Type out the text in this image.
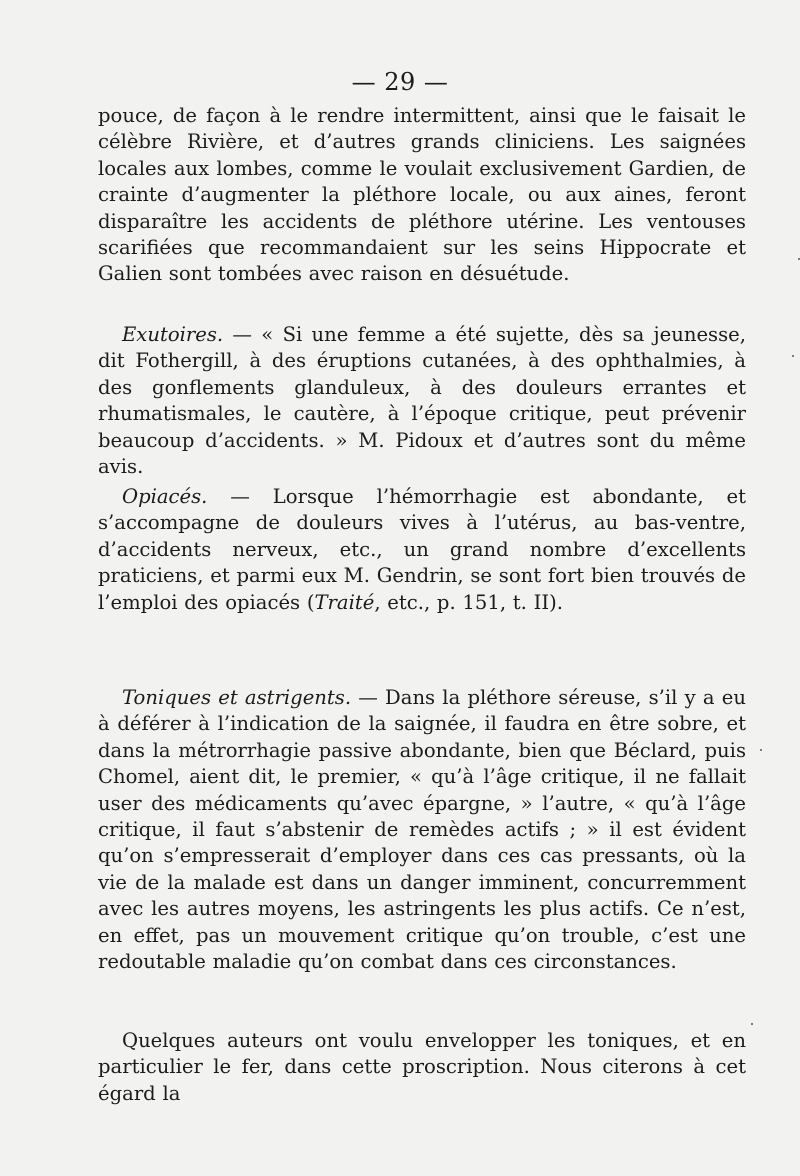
— 29 —

pouce, de façon à le rendre intermittent, ainsi que le faisait le célèbre Rivière, et d’autres grands cliniciens. Les saignées locales aux lombes, comme le voulait exclusivement Gardien, de crainte d’augmenter la pléthore locale, ou aux aines, feront disparaître les accidents de pléthore utérine. Les ventouses scarifiées que recommandaient sur les seins Hippocrate et Galien sont tombées avec raison en désuétude.

Exutoires. — « Si une femme a été sujette, dès sa jeunesse, dit Fothergill, à des éruptions cutanées, à des ophthalmies, à des gonflements glanduleux, à des douleurs errantes et rhumatismales, le cautère, à l’époque critique, peut prévenir beaucoup d’accidents. » M. Pidoux et d’autres sont du même avis.

Opiacés. — Lorsque l’hémorrhagie est abondante, et s’accompagne de douleurs vives à l’utérus, au bas-ventre, d’accidents nerveux, etc., un grand nombre d’excellents praticiens, et parmi eux M. Gendrin, se sont fort bien trouvés de l’emploi des opiacés (Traité, etc., p. 151, t. II).

Toniques et astrigents. — Dans la pléthore séreuse, s’il y a eu à déférer à l’indication de la saignée, il faudra en être sobre, et dans la métrorrhagie passive abondante, bien que Béclard, puis Chomel, aient dit, le premier, « qu’à l’âge critique, il ne fallait user des médicaments qu’avec épargne, » l’autre, « qu’à l’âge critique, il faut s’abstenir de remèdes actifs ; » il est évident qu’on s’empresserait d’employer dans ces cas pressants, où la vie de la malade est dans un danger imminent, concurremment avec les autres moyens, les astringents les plus actifs. Ce n’est, en effet, pas un mouvement critique qu’on trouble, c’est une redoutable maladie qu’on combat dans ces circonstances.

Quelques auteurs ont voulu envelopper les toniques, et en particulier le fer, dans cette proscription. Nous citerons à cet égard la
